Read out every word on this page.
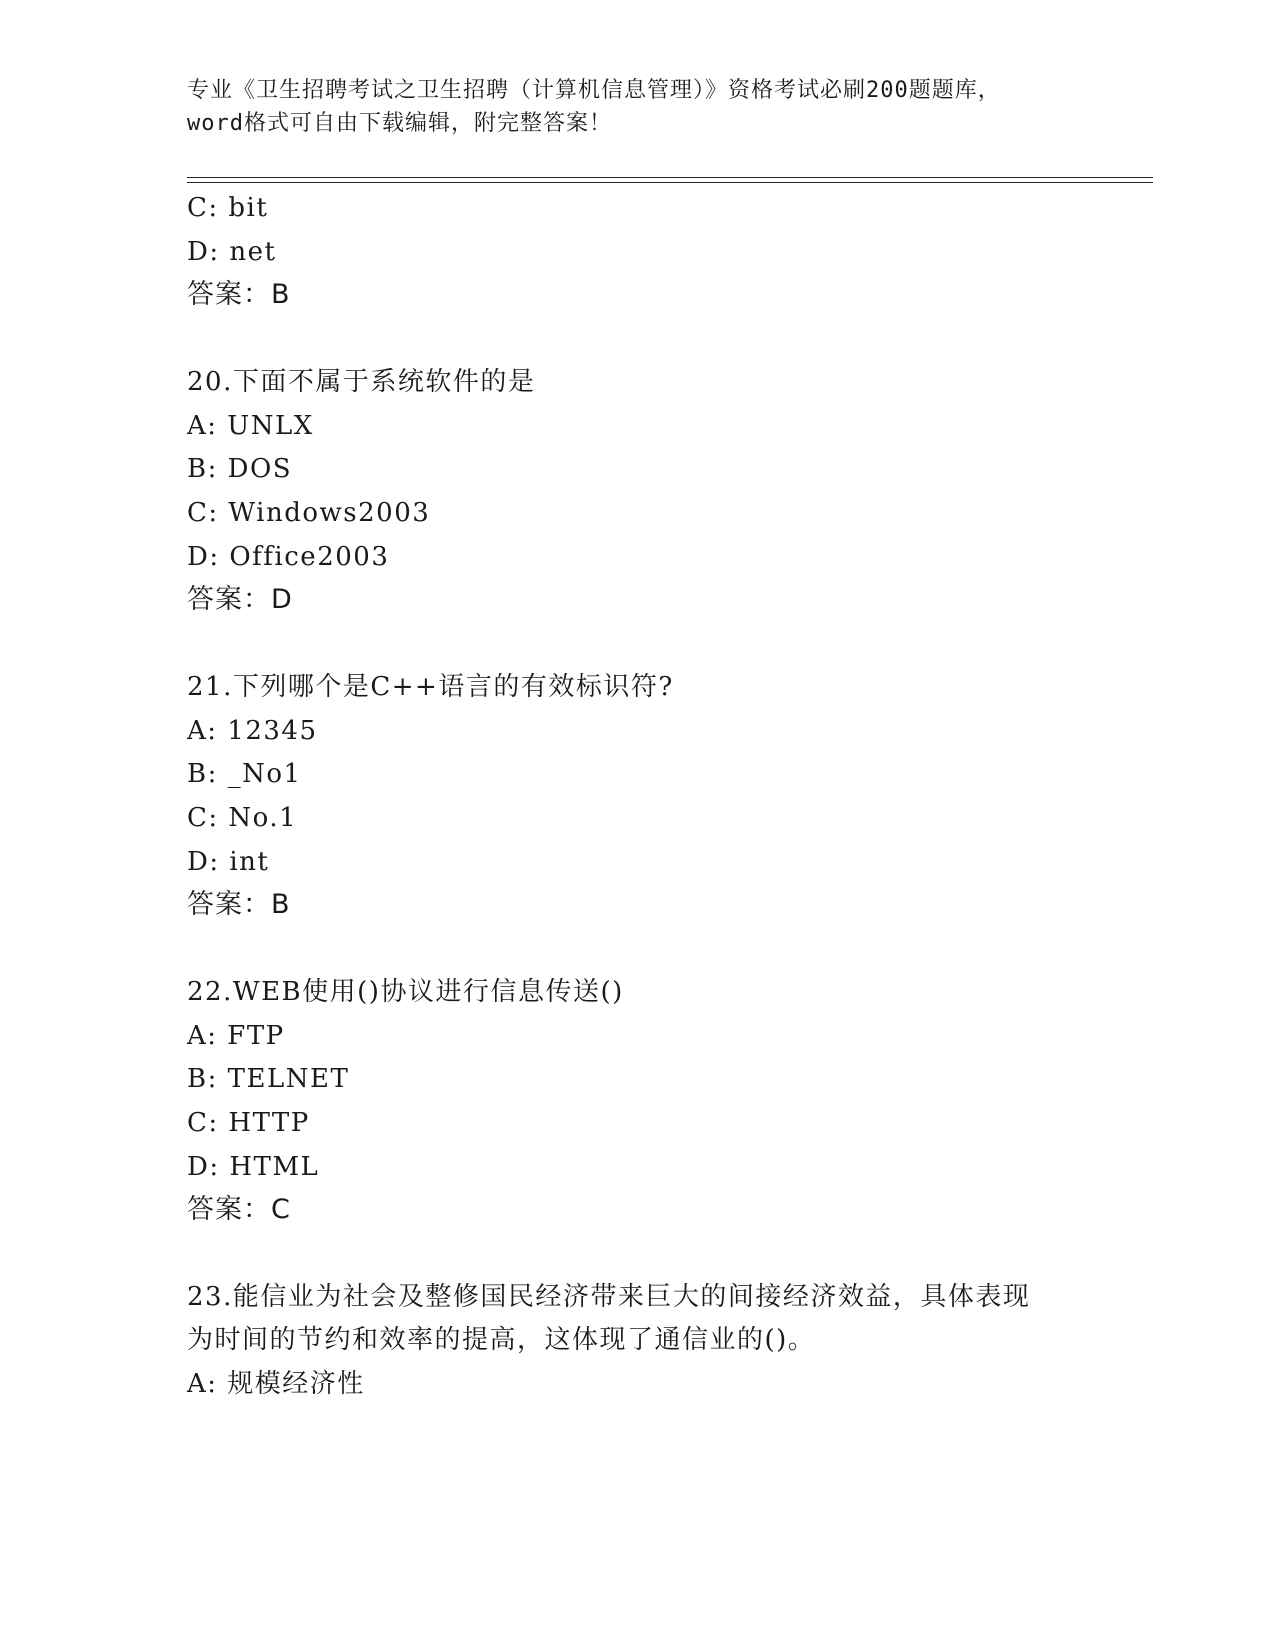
专业《卫生招聘考试之卫生招聘（计算机信息管理）》资格考试必刷200题题库，
word格式可自由下载编辑，附完整答案！
C: bit
D: net
答案：B
20.下面不属于系统软件的是
A: UNLX
B: DOS
C: Windows2003
D: Office2003
答案：D
21.下列哪个是C++语言的有效标识符?
A: 12345
B: _No1
C: No.1
D: int
答案：B
22.WEB使用()协议进行信息传送()
A: FTP
B: TELNET
C: HTTP
D: HTML
答案：C
23.能信业为社会及整修国民经济带来巨大的间接经济效益，具体表现
为时间的节约和效率的提高，这体现了通信业的()。
A: 规模经济性
